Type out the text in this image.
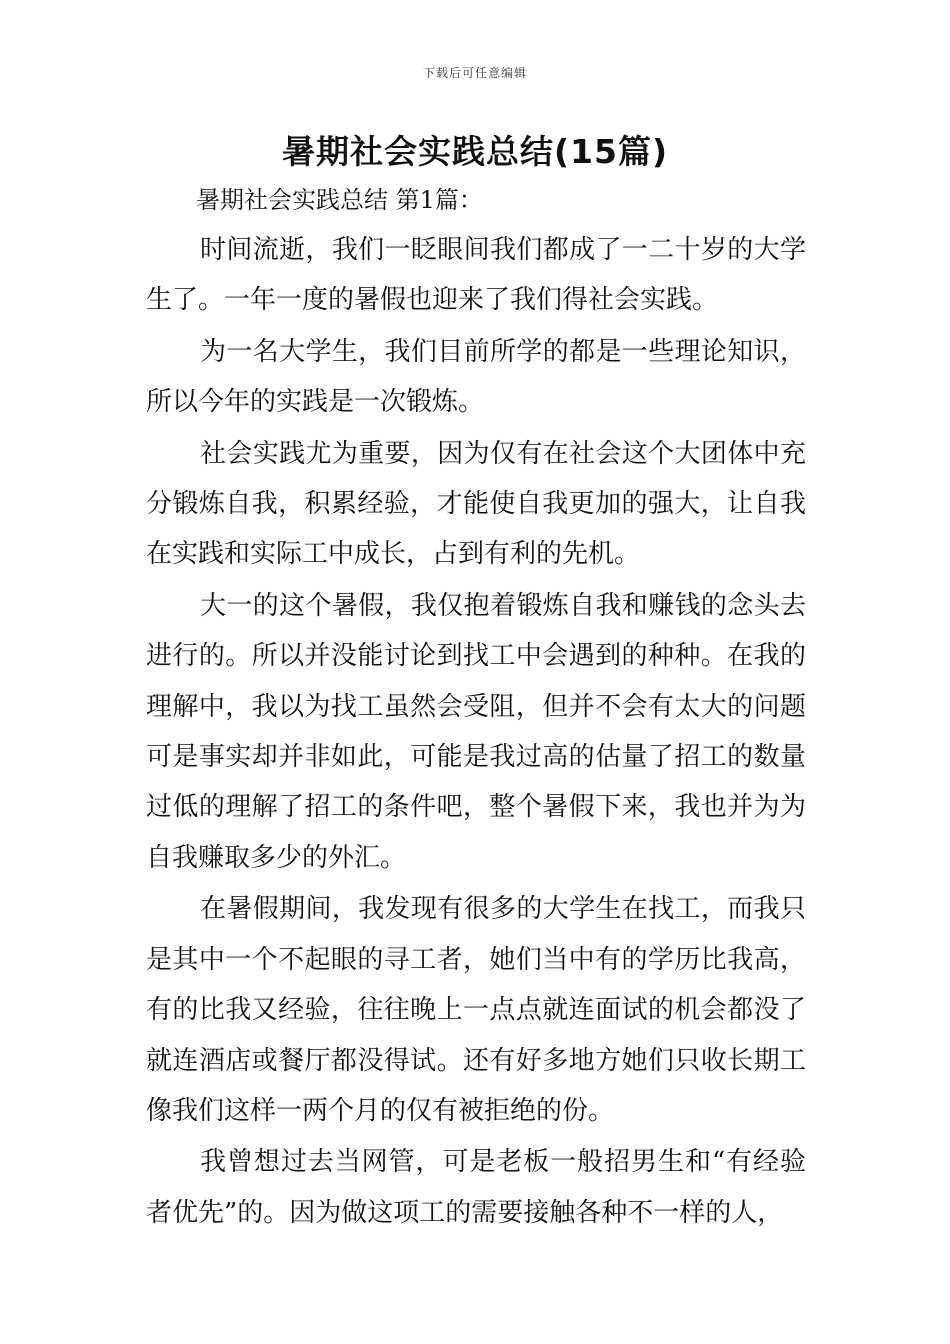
下载后可任意编辑
暑期社会实践总结(15篇)
暑期社会实践总结 第1篇：

时间流逝，我们一眨眼间我们都成了一二十岁的大学生了。一年一度的暑假也迎来了我们得社会实践。

为一名大学生，我们目前所学的都是一些理论知识，所以今年的实践是一次锻炼。

社会实践尤为重要，因为仅有在社会这个大团体中充分锻炼自我，积累经验，才能使自我更加的强大，让自我在实践和实际工中成长，占到有利的先机。

大一的这个暑假，我仅抱着锻炼自我和赚钱的念头去进行的。所以并没能讨论到找工中会遇到的种种。在我的理解中，我以为找工虽然会受阻，但并不会有太大的问题可是事实却并非如此，可能是我过高的估量了招工的数量过低的理解了招工的条件吧，整个暑假下来，我也并为为自我赚取多少的外汇。

在暑假期间，我发现有很多的大学生在找工，而我只是其中一个不起眼的寻工者，她们当中有的学历比我高，有的比我又经验，往往晚上一点点就连面试的机会都没了就连酒店或餐厅都没得试。还有好多地方她们只收长期工像我们这样一两个月的仅有被拒绝的份。

我曾想过去当网管，可是老板一般招男生和“有经验者优先”的。因为做这项工的需要接触各种不一样的人，
